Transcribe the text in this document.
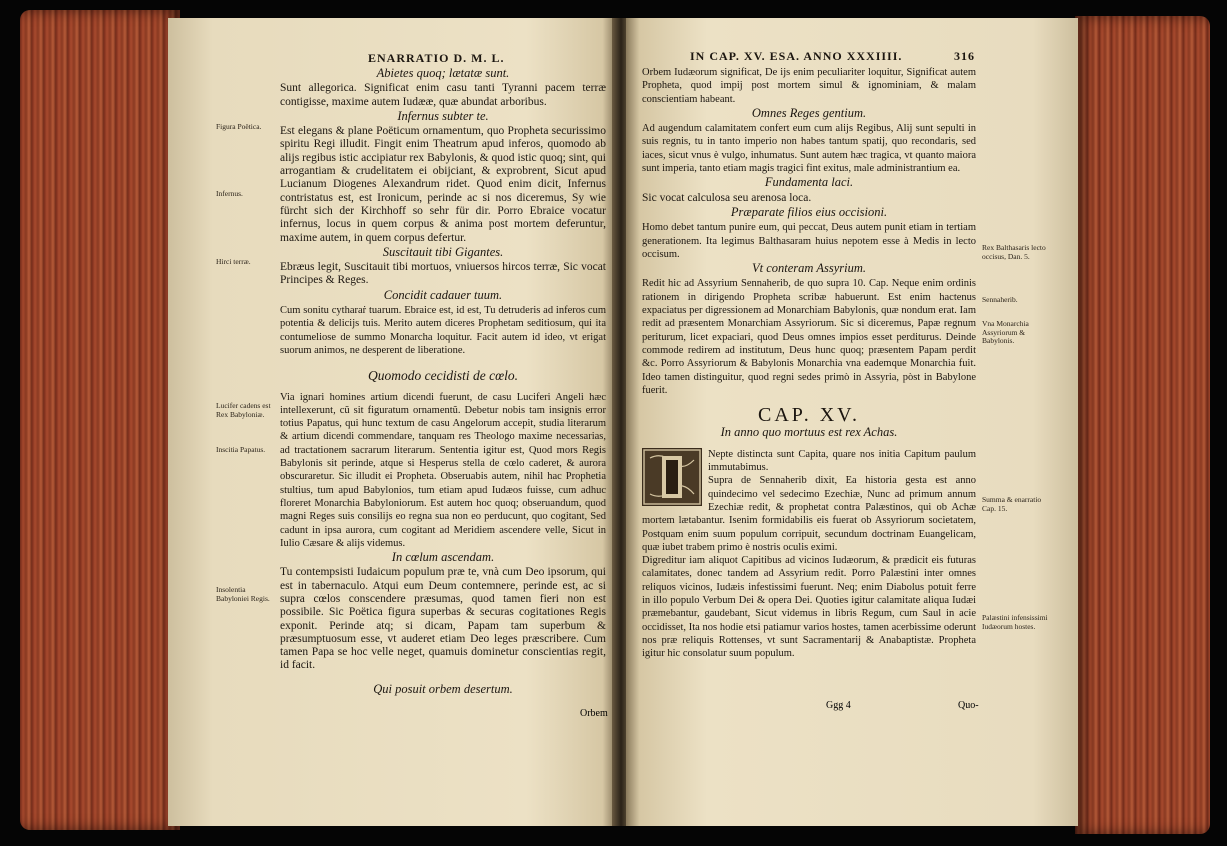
ENARRATIO D. M. L.
Abietes quoq; lætatæ sunt.

Sunt allegorica. Significat enim casu tanti Tyranni pacem terræ contigisse, maxime autem Iudææ, quæ abundat arboribus.

Infernus subter te.

Est elegans & plane Poëticum ornamentum, quo Propheta securissimo spiritu Regi illudit. Fingit enim Theatrum apud inferos, quomodo ab alijs regibus istic accipiatur rex Babylonis, & quod istic quoq; sint, qui arrogantiam & crudelitatem ei obijciant, & exprobrent, Sicut apud Lucianum Diogenes Alexandrum ridet. Quod enim dicit, Infernus contristatus est, est Ironicum, perinde ac si nos diceremus, Sy wie fürcht sich der Kirchhoff so sehr für dir. Porro Ebraice vocatur infernus, locus in quem corpus & anima post mortem deferuntur, maxime autem, in quem corpus defertur.

Suscitauit tibi Gigantes.

Ebræus legit, Suscitauit tibi mortuos, vniuersos hircos terræ, Sic vocat Principes & Reges.

Concidit cadauer tuum.

Cum sonitu cytharaṙ tuarum. Ebraice est, id est, Tu detruderis ad inferos cum potentia & delicijs tuis. Merito autem diceres Prophetam seditiosum, qui ita contumeliose de summo Monarcha loquitur. Facit autem id ideo, vt erigat suorum animos, ne desperent de liberatione.

Quomodo cecidisti de cœlo.

Via ignari homines artium dicendi fuerunt, de casu Luciferi Angeli hæc intellexerunt, cũ sit figuratum ornamentũ. Debetur nobis tam insignis error totius Papatus, qui hunc textum de casu Angelorum accepit, studia literarum & artium dicendi commendare, tanquam res Theologo maxime necessarias, ad tractationem sacrarum literarum. Sententia igitur est, Quod mors Regis Babylonis sit perinde, atque si Hesperus stella de cœlo caderet, & aurora obscuraretur. Sic illudit ei Propheta. Obseruabis autem, nihil hac Prophetia stultius, tum apud Babylonios, tum etiam apud Iudæos fuisse, cum adhuc floreret Monarchia Babyloniorum. Est autem hoc quoq; obseruandum, quod magni Reges suis consilijs eo regna sua non eo perducunt, quo cogitant, Sed cadunt in ipsa aurora, cum cogitant ad Meridiem ascendere velle, Sicut in Iulio Cæsare & alijs videmus.

In cœlum ascendam.

Tu contempsisti Iudaicum populum præ te, vnà cum Deo ipsorum, qui est in tabernaculo. Atqui eum Deum contemnere, perinde est, ac si supra cœlos conscendere præsumas, quod tamen fieri non est possibile. Sic Poëtica figura superbas & securas cogitationes Regis exponit. Perinde atq; si dicam, Papam tam superbum & præsumptuosum esse, vt auderet etiam Deo leges præscribere. Cum tamen Papa se hoc velle neget, quamuis dominetur conscientias regit, id facit.

Qui posuit orbem desertum.
Figura Poëtica.
Infernus.
Hirci terræ.
Lucifer cadens est Rex Babyloniæ.
Inscitia Papatus.
Insolentia Babyloniei Regis.
Orbem
IN CAP. XV. ESA. ANNO XXXIIII.	316

Orbem Iudæorum significat, De ijs enim peculiariter loquitur, Significat autem Propheta, quod impij post mortem simul & ignominiam, & malam conscientiam habeant.

Omnes Reges gentium.

Ad augendum calamitatem confert eum cum alijs Regibus, Alij sunt sepulti in suis regnis, tu in tanto imperio non habes tantum spatij, quo recondaris, sed iaces, sicut vnus è vulgo, inhumatus. Sunt autem hæc tragica, vt quanto maiora sunt imperia, tanto etiam magis tragici fint exitus, male administrantium ea.

Fundamenta laci.

Sic vocat calculosa seu arenosa loca.

Præparate filios eius occisioni.

Homo debet tantum punire eum, qui peccat, Deus autem punit etiam in tertiam generationem. Ita legimus Balthasaram huius nepotem esse à Medis in lecto occisum.

Vt conteram Assyrium.

Redit hic ad Assyrium Sennaherib, de quo supra 10. Cap. Neque enim ordinis rationem in dirigendo Propheta scribæ habuerunt. Est enim hactenus expaciatus per digressionem ad Monarchiam Babylonis, quæ nondum erat. Iam redit ad præsentem Monarchiam Assyriorum. Sic si diceremus, Papæ regnum periturum, licet expaciari, quod Deus omnes impios esset perditurus. Deinde commode redirem ad institutum, Deus hunc quoq; præsentem Papam perdit &c. Porro Assyriorum & Babylonis Monarchia vna eademque Monarchia fuit. Ideo tamen distinguitur, quod regni sedes primò in Assyria, pòst in Babylone fuerit.

CAP. XV.
In anno quo mortuus est rex Achas.

Nepte distincta sunt Capita, quare nos initia Capitum paulum immutabimus.

Supra de Sennaherib dixit, Ea historia gesta est anno quindecimo vel sedecimo Ezechiæ, Nunc ad primum annum Ezechiæ redit, & prophetat contra Palæstinos, qui ob Achæ mortem lætabantur. Isenim formidabilis eis fuerat ob Assyriorum societatem, Postquam enim suum populum corripuit, secundum doctrinam Euangelicam, quæ iubet trabem primo è nostris oculis eximi.

Digreditur iam aliquot Capitibus ad vicinos Iudæorum, & prædicit eis futuras calamitates, donec tandem ad Assyrium redit. Porro Palæstini inter omnes reliquos vicinos, Iudæis infestissimi fuerunt. Neq; enim Diabolus potuit ferre in illo populo Verbum Dei & opera Dei. Quoties igitur calamitate aliqua Iudæi præmebantur, gaudebant, Sicut videmus in libris Regum, cum Saul in acie occidisset, Ita nos hodie etsi patiamur varios hostes, tamen acerbissime oderunt nos præ reliquis Rottenses, vt sunt Sacramentarij & Anabaptistæ. Propheta igitur hic consolatur suum populum.

Rex Balthasaris lecto occisus, Dan. 5.
Sennaherib.
Vna Monarchia Assyriorum & Babylonis.
Summa & enarratio Cap. 15.
Palæstini infensissimi Iudæorum hostes.
Ggg 4	Quo-
